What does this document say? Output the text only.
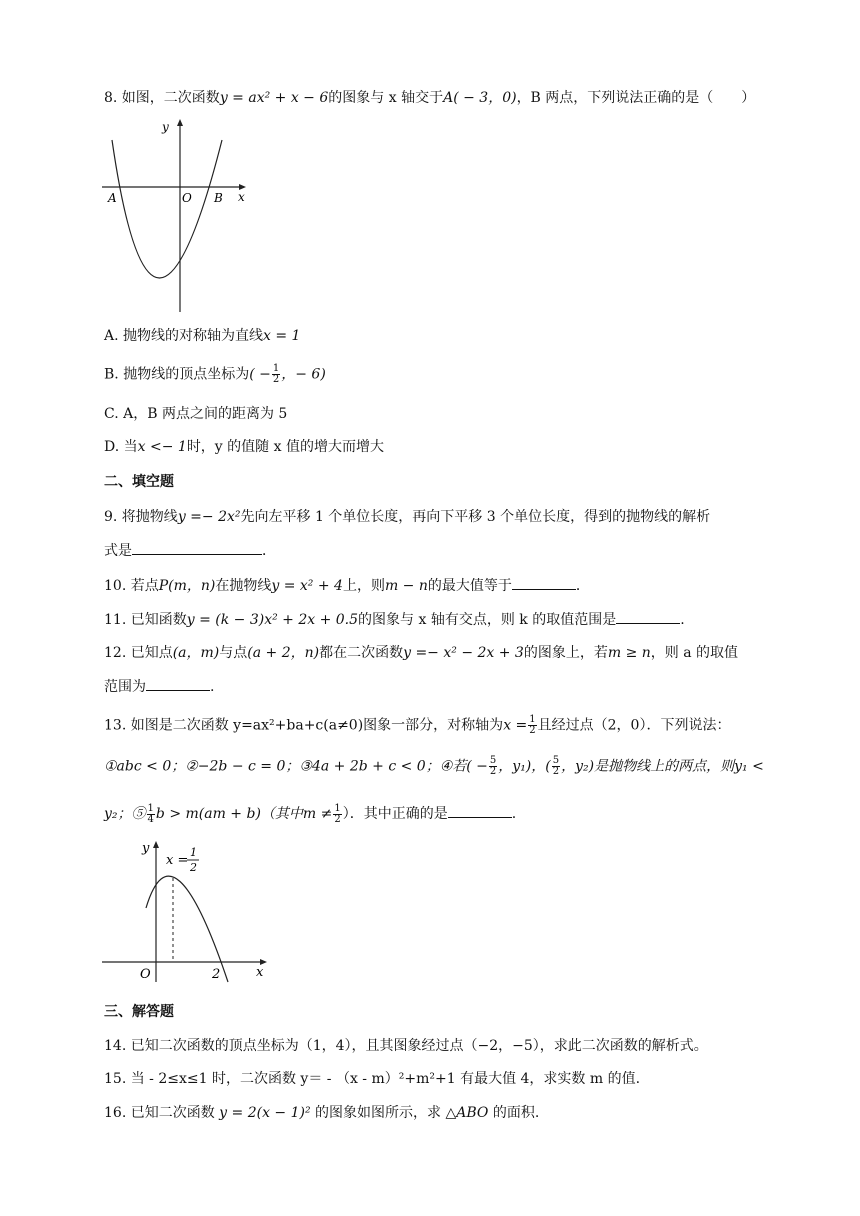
8. 如图，二次函数y = ax² + x − 6的图象与 x 轴交于A( − 3，0)，B 两点，下列说法正确的是（　　）
y
x
O
A	B
A. 抛物线的对称轴为直线x = 1
B. 抛物线的顶点坐标为( − $\frac{1}{2}$ ，− 6)
C. A，B 两点之间的距离为 5
D. 当x <− 1时，y 的值随 x 值的增大而增大
二、填空题
9. 将抛物线y =− 2x²先向左平移 1 个单位长度，再向下平移 3 个单位长度，得到的抛物线的解析
式是	．
10. 若点P(m，n)在抛物线y = x² + 4上，则m − n的最大值等于	．
11. 已知函数y = (k − 3)x² + 2x + 0.5的图象与 x 轴有交点，则 k 的取值范围是	.
12. 已知点(a，m)与点(a + 2，n)都在二次函数y =− x² − 2x + 3的图象上，若m ≥ n，则 a 的取值
范围为	.
13. 如图是二次函数 y=ax²+ba+c(a≠0)图象一部分，对称轴为$x = \frac{1}{2}$ 且经过点（2，0）．下列说法：
①abc < 0；②−2b − c = 0；③4a + 2b + c < 0；④若( − $\frac{5}{2}$ ，y₁)，( $\frac{5}{2}$ ，y₂)是抛物线上的两点，则y₁ <
y₂；⑤ $\frac{1}{4}$ b > m(am + b)（其中$m \ne \frac{1}{2}$ ）．其中正确的是	.
y
x
O	2
x =
1
2
三、解答题
14. 已知二次函数的顶点坐标为（1，4），且其图象经过点（−2，−5），求此二次函数的解析式。
15. 当 - 2≤x≤1 时，二次函数 y＝ - （x - m）²+m²+1 有最大值 4，求实数 m 的值.
16. 已知二次函数 y = 2(x − 1)² 的图象如图所示，求 △ABO 的面积.
